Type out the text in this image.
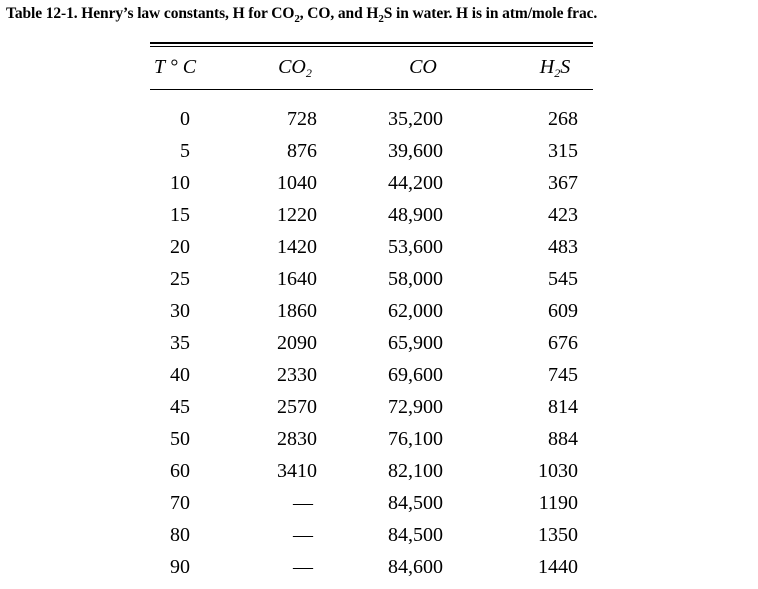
Table 12-1. Henry’s law constants, H for $CO_2$, CO, and $H_2S$ in water. H is in atm/mole frac.
T ° C	$CO_2$	CO	$H_2S$
0	728	35,200	268
5	876	39,600	315
10	1040	44,200	367
15	1220	48,900	423
20	1420	53,600	483
25	1640	58,000	545
30	1860	62,000	609
35	2090	65,900	676
40	2330	69,600	745
45	2570	72,900	814
50	2830	76,100	884
60	3410	82,100	1030
70	—	84,500	1190
80	—	84,500	1350
90	—	84,600	1440
